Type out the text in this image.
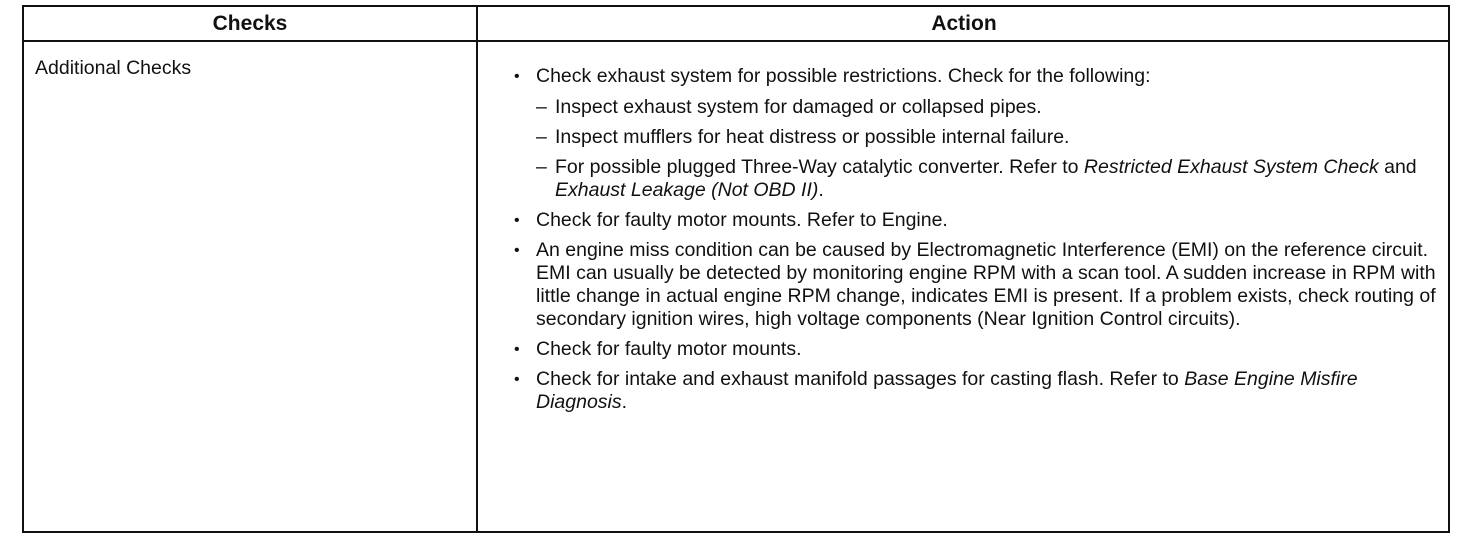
Checks	Action
Additional Checks	• Check exhaust system for possible restrictions. Check for the following:
– Inspect exhaust system for damaged or collapsed pipes.
– Inspect mufflers for heat distress or possible internal failure.
– For possible plugged Three-Way catalytic converter. Refer to Restricted Exhaust System Check and Exhaust Leakage (Not OBD II).
• Check for faulty motor mounts. Refer to Engine.
• An engine miss condition can be caused by Electromagnetic Interference (EMI) on the reference circuit. EMI can usually be detected by monitoring engine RPM with a scan tool. A sudden increase in RPM with little change in actual engine RPM change, indicates EMI is present. If a problem exists, check routing of secondary ignition wires, high voltage components (Near Ignition Control circuits).
• Check for faulty motor mounts.
• Check for intake and exhaust manifold passages for casting flash. Refer to Base Engine Misfire Diagnosis.
